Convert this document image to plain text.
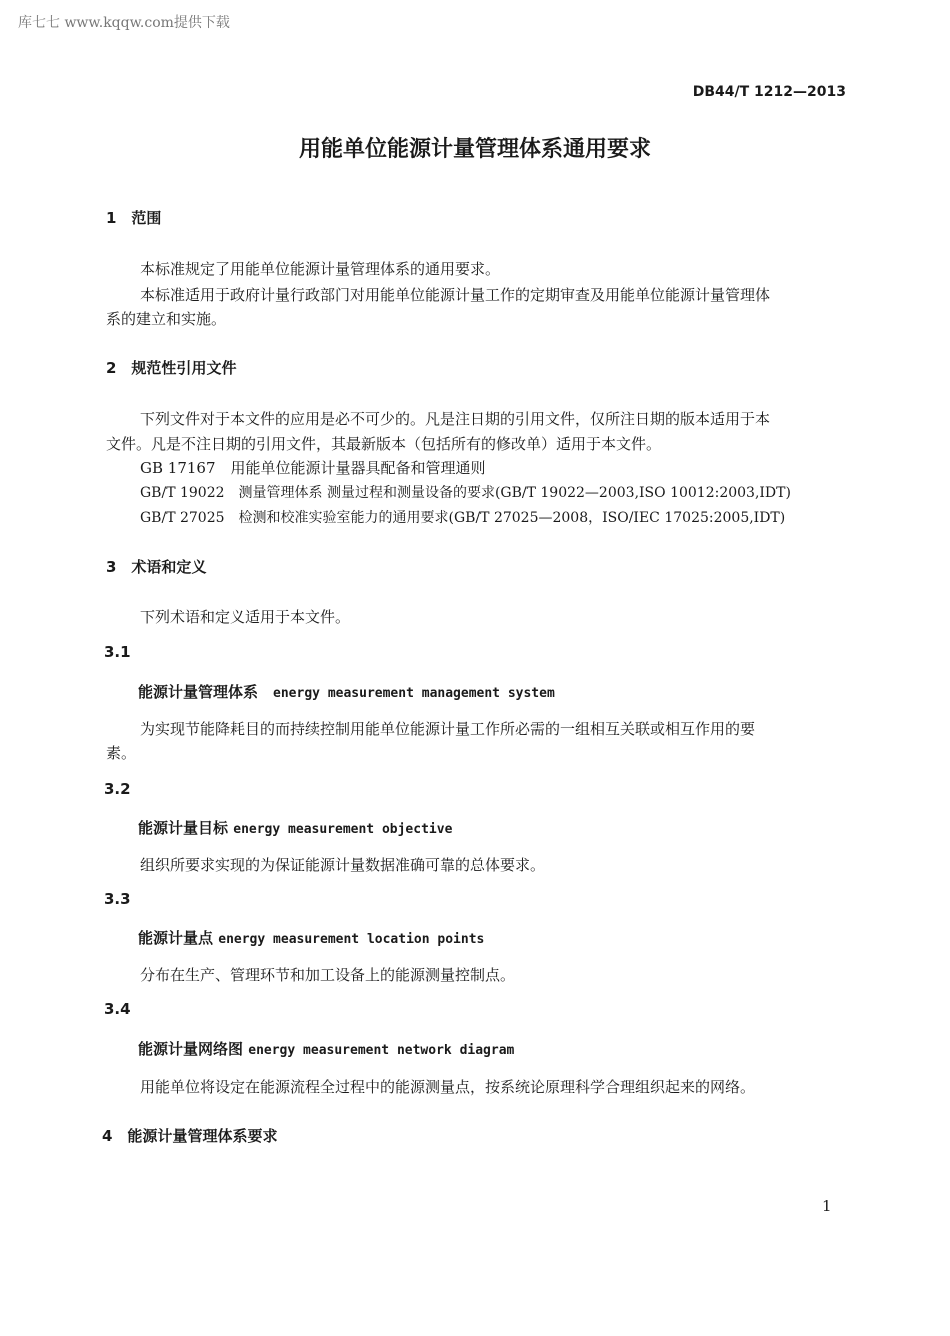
库七七 www.kqqw.com提供下载
DB44/T 1212—2013
用能单位能源计量管理体系通用要求
1　范围
本标准规定了用能单位能源计量管理体系的通用要求。
本标准适用于政府计量行政部门对用能单位能源计量工作的定期审查及用能单位能源计量管理体
系的建立和实施。
2　规范性引用文件
下列文件对于本文件的应用是必不可少的。凡是注日期的引用文件，仅所注日期的版本适用于本
文件。凡是不注日期的引用文件，其最新版本（包括所有的修改单）适用于本文件。
GB 17167　用能单位能源计量器具配备和管理通则
GB/T 19022　测量管理体系 测量过程和测量设备的要求(GB/T 19022—2003,ISO 10012:2003,IDT)
GB/T 27025　检测和校准实验室能力的通用要求(GB/T 27025—2008，ISO/IEC 17025:2005,IDT)
3　术语和定义
下列术语和定义适用于本文件。
3.1
能源计量管理体系　 energy measurement management system
为实现节能降耗目的而持续控制用能单位能源计量工作所必需的一组相互关联或相互作用的要
素。
3.2
能源计量目标 energy measurement objective
组织所要求实现的为保证能源计量数据准确可靠的总体要求。
3.3
能源计量点 energy measurement location points
分布在生产、管理环节和加工设备上的能源测量控制点。
3.4
能源计量网络图 energy measurement network diagram
用能单位将设定在能源流程全过程中的能源测量点，按系统论原理科学合理组织起来的网络。
4　能源计量管理体系要求
1
